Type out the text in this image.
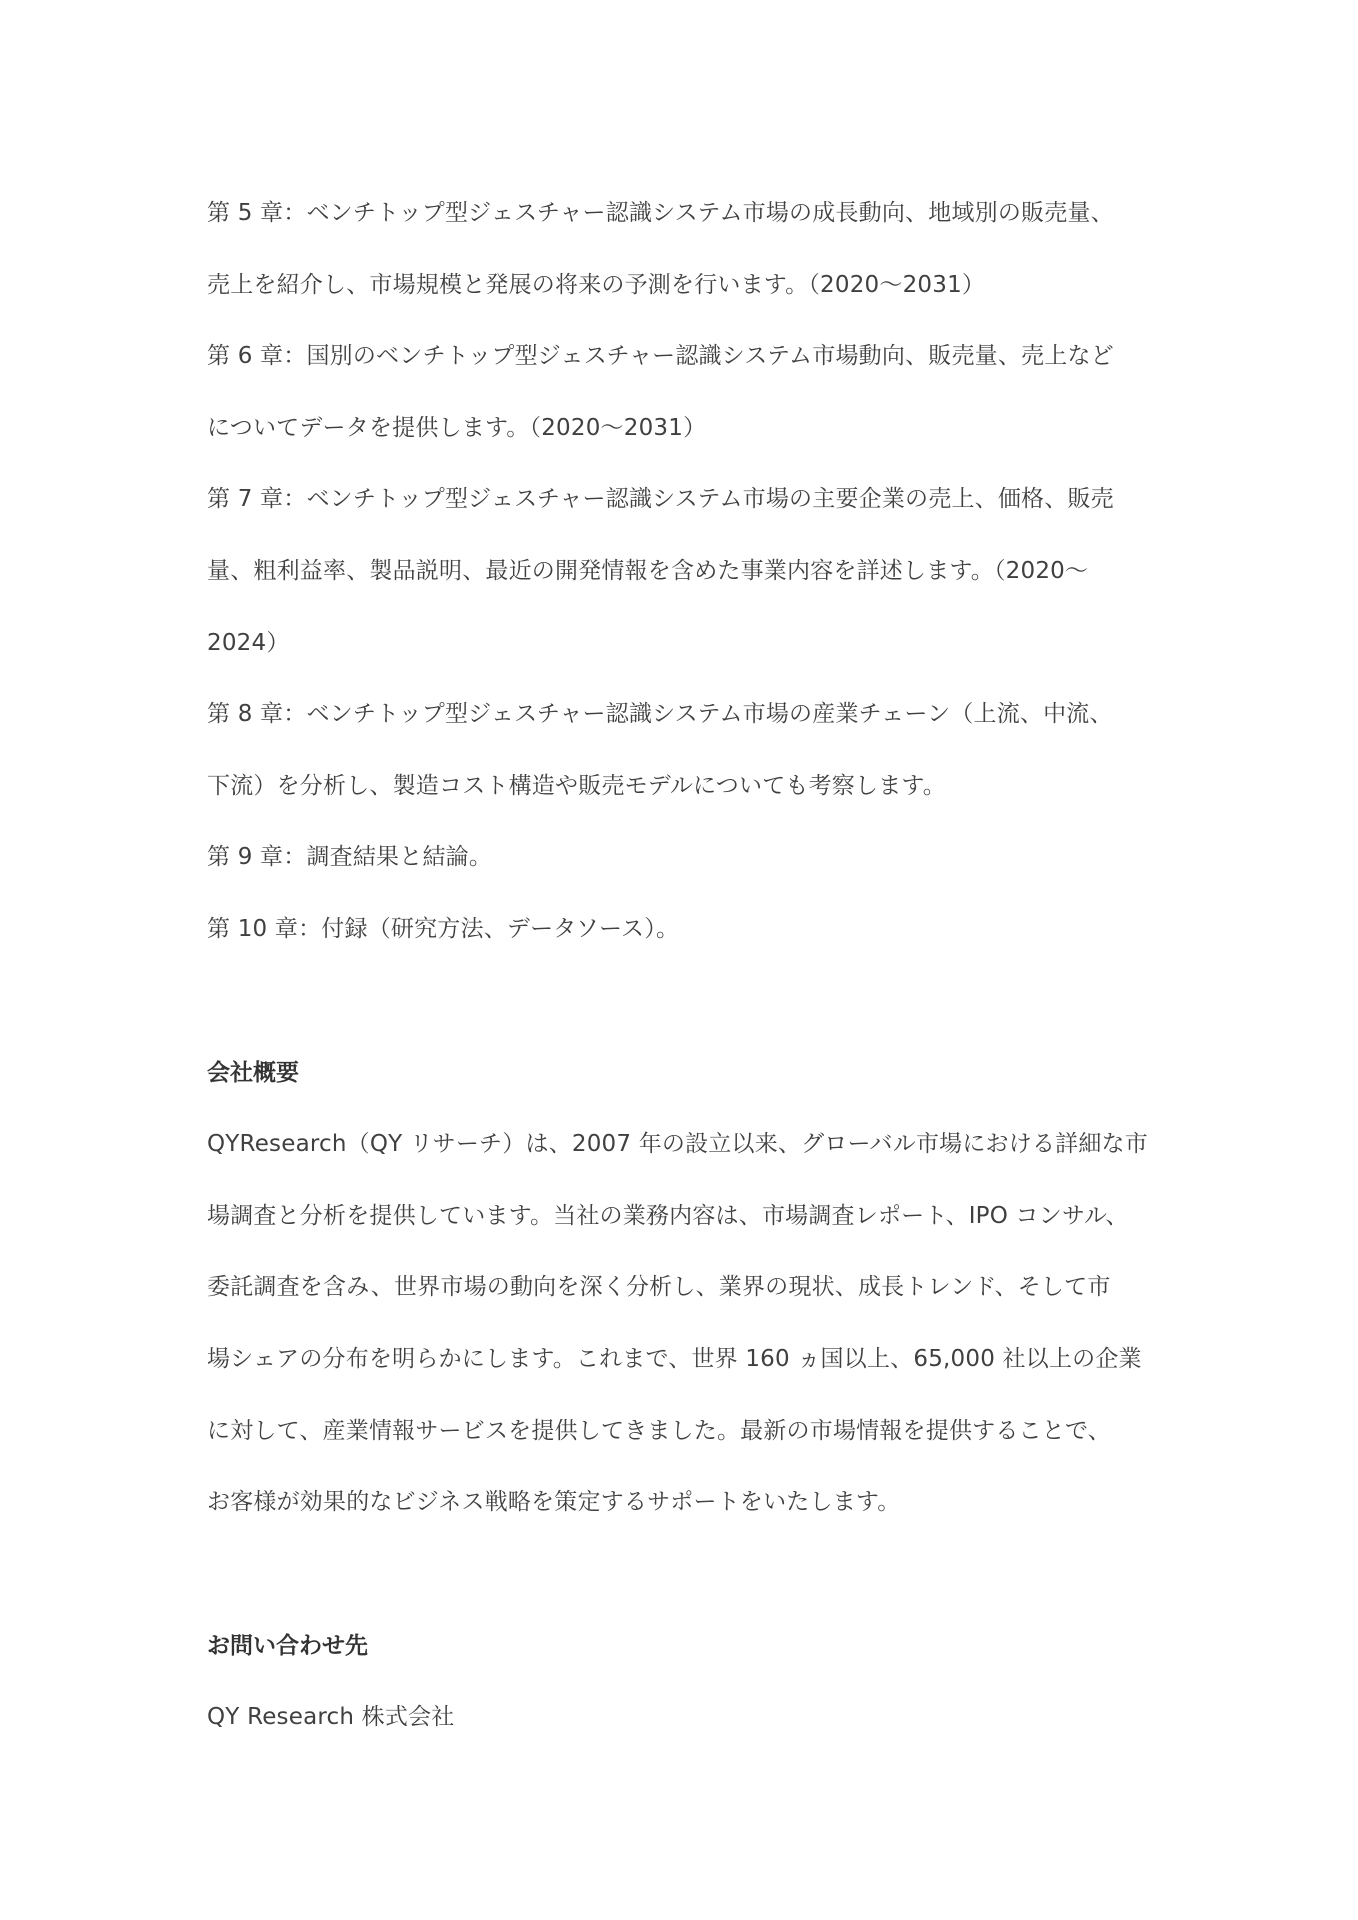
第 5 章：ベンチトップ型ジェスチャー認識システム市場の成長動向、地域別の販売量、
売上を紹介し、市場規模と発展の将来の予測を行います。（2020～2031）
第 6 章：国別のベンチトップ型ジェスチャー認識システム市場動向、販売量、売上など
についてデータを提供します。（2020～2031）
第 7 章：ベンチトップ型ジェスチャー認識システム市場の主要企業の売上、価格、販売
量、粗利益率、製品説明、最近の開発情報を含めた事業内容を詳述します。（2020～
2024）
第 8 章：ベンチトップ型ジェスチャー認識システム市場の産業チェーン（上流、中流、
下流）を分析し、製造コスト構造や販売モデルについても考察します。
第 9 章：調査結果と結論。
第 10 章：付録（研究方法、データソース）。
会社概要
QYResearch（QY リサーチ）は、2007 年の設立以来、グローバル市場における詳細な市
場調査と分析を提供しています。当社の業務内容は、市場調査レポート、IPO コンサル、
委託調査を含み、世界市場の動向を深く分析し、業界の現状、成長トレンド、そして市
場シェアの分布を明らかにします。これまで、世界 160 ヵ国以上、65,000 社以上の企業
に対して、産業情報サービスを提供してきました。最新の市場情報を提供することで、
お客様が効果的なビジネス戦略を策定するサポートをいたします。
お問い合わせ先
QY Research 株式会社
